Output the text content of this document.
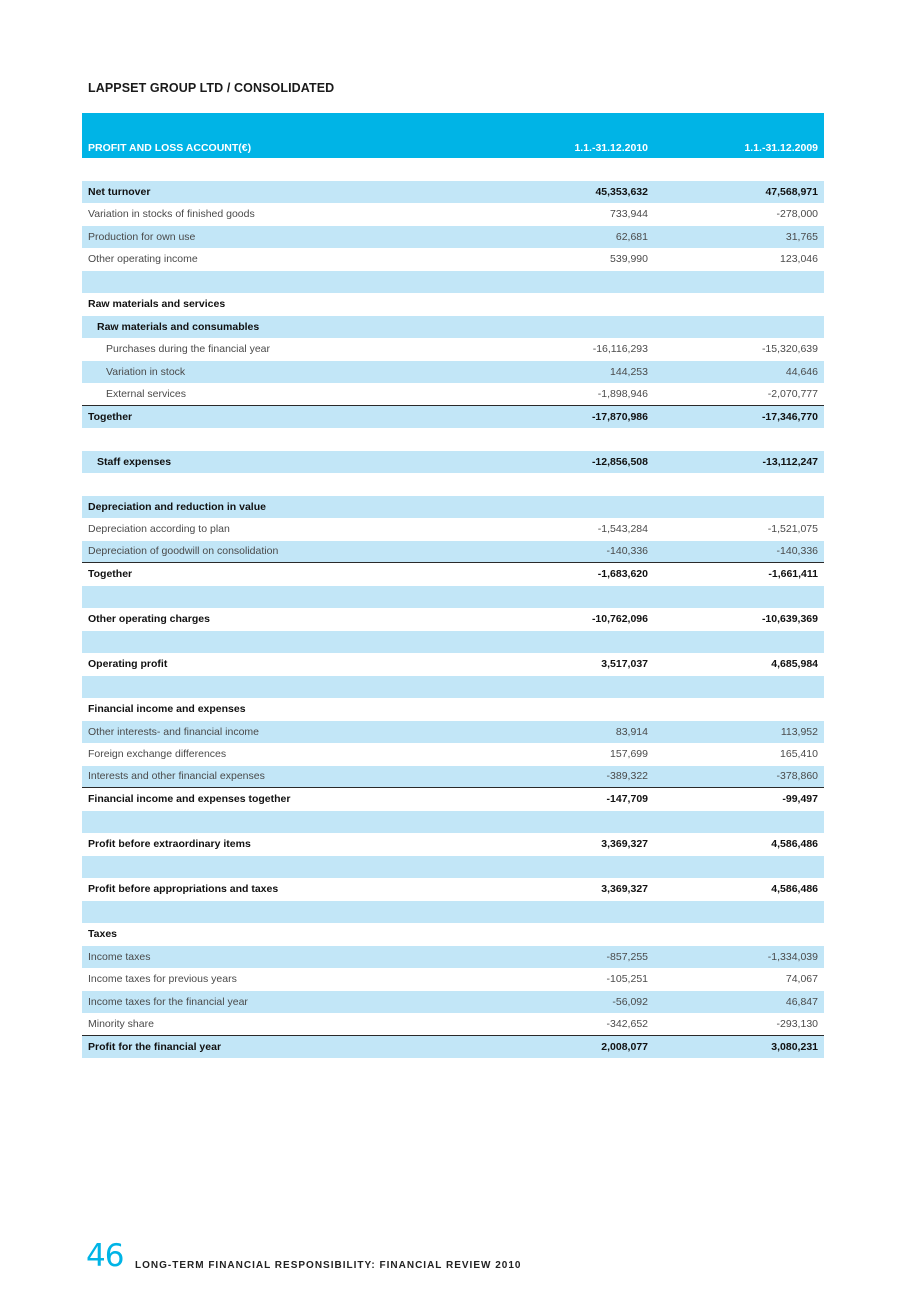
LAPPSET GROUP LTD / CONSOLIDATED
PROFIT AND LOSS ACCOUNT(€)	1.1.-31.12.2010	1.1.-31.12.2009
Net turnover	45,353,632	47,568,971
Variation in stocks of finished goods	733,944	-278,000
Production for own use	62,681	31,765
Other operating income	539,990	123,046
Raw materials and services
Raw materials and consumables
Purchases during the financial year	-16,116,293	-15,320,639
Variation in stock	144,253	44,646
External services	-1,898,946	-2,070,777
Together	-17,870,986	-17,346,770
Staff expenses	-12,856,508	-13,112,247
Depreciation and reduction in value
Depreciation according to plan	-1,543,284	-1,521,075
Depreciation of goodwill on consolidation	-140,336	-140,336
Together	-1,683,620	-1,661,411
Other operating charges	-10,762,096	-10,639,369
Operating profit	3,517,037	4,685,984
Financial income and expenses
Other interests- and financial income	83,914	113,952
Foreign exchange differences	157,699	165,410
Interests and other financial expenses	-389,322	-378,860
Financial income and expenses together	-147,709	-99,497
Profit before extraordinary items	3,369,327	4,586,486
Profit before appropriations and taxes	3,369,327	4,586,486
Taxes
Income taxes	-857,255	-1,334,039
Income taxes for previous years	-105,251	74,067
Income taxes for the financial year	-56,092	46,847
Minority share	-342,652	-293,130
Profit for the financial year	2,008,077	3,080,231
46 LONG-TERM FINANCIAL RESPONSIBILITY: FINANCIAL REVIEW 2010
